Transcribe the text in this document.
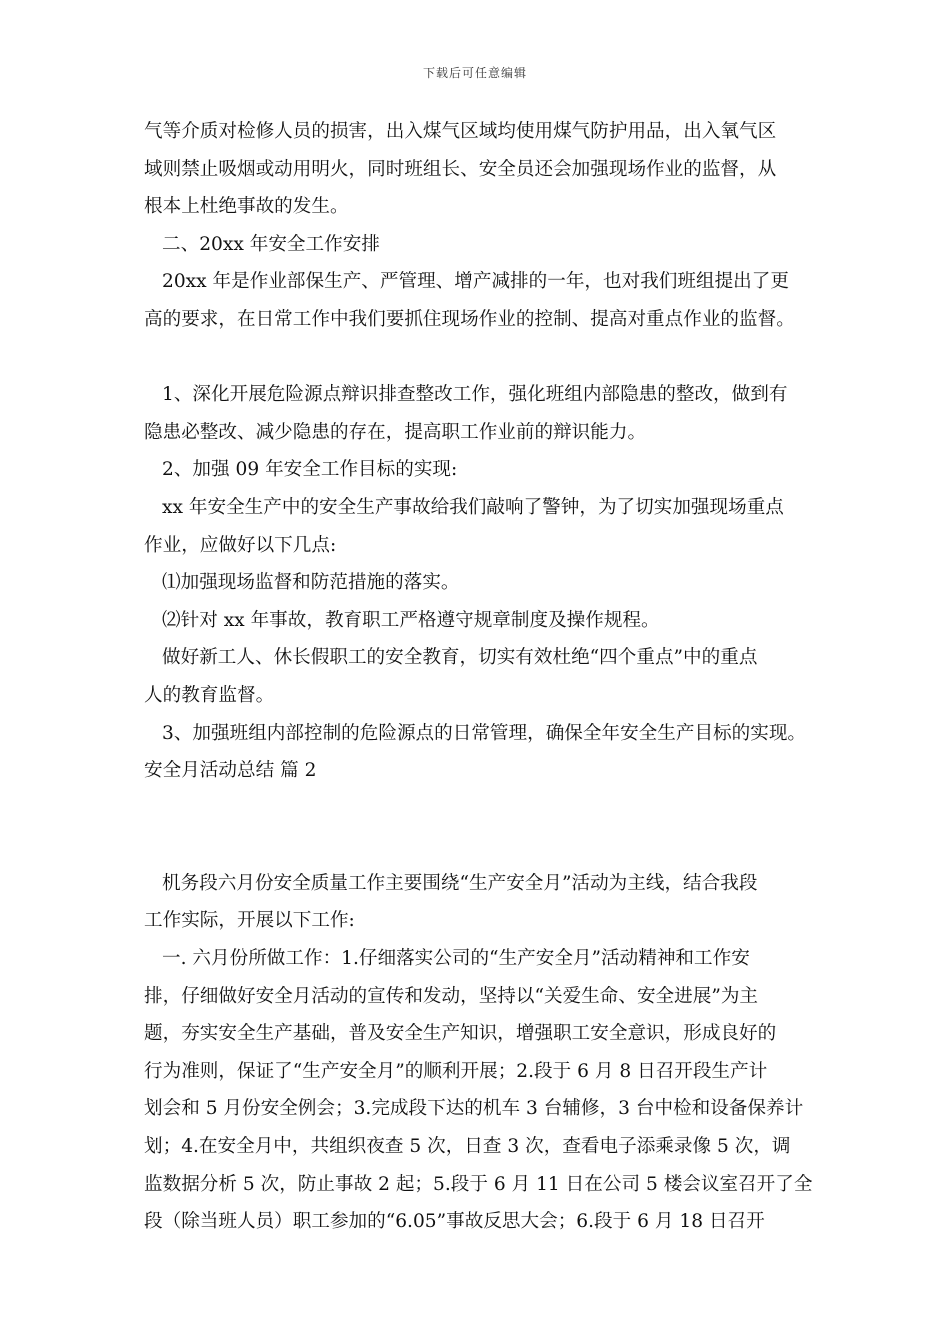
下载后可任意编辑
气等介质对检修人员的损害，出入煤气区域均使用煤气防护用品，出入氧气区
域则禁止吸烟或动用明火，同时班组长、安全员还会加强现场作业的监督，从
根本上杜绝事故的发生。
二、20xx 年安全工作安排
20xx 年是作业部保生产、严管理、增产减排的一年，也对我们班组提出了更
高的要求，在日常工作中我们要抓住现场作业的控制、提高对重点作业的监督。
1、深化开展危险源点辩识排查整改工作，强化班组内部隐患的整改，做到有
隐患必整改、减少隐患的存在，提高职工作业前的辩识能力。
2、加强 09 年安全工作目标的实现:
xx 年安全生产中的安全生产事故给我们敲响了警钟，为了切实加强现场重点
作业，应做好以下几点:
⑴加强现场监督和防范措施的落实。
⑵针对 xx 年事故，教育职工严格遵守规章制度及操作规程。
做好新工人、休长假职工的安全教育，切实有效杜绝“四个重点”中的重点
人的教育监督。
3、加强班组内部控制的危险源点的日常管理，确保全年安全生产目标的实现。
安全月活动总结 篇 2
机务段六月份安全质量工作主要围绕“生产安全月”活动为主线，结合我段
工作实际，开展以下工作:
一. 六月份所做工作：1.仔细落实公司的“生产安全月”活动精神和工作安
排，仔细做好安全月活动的宣传和发动，坚持以“关爱生命、安全进展”为主
题，夯实安全生产基础，普及安全生产知识，增强职工安全意识，形成良好的
行为准则，保证了“生产安全月”的顺利开展；2.段于 6 月 8 日召开段生产计
划会和 5 月份安全例会；3.完成段下达的机车 3 台辅修，3 台中检和设备保养计
划；4.在安全月中，共组织夜查 5 次，日查 3 次，查看电子添乘录像 5 次，调
监数据分析 5 次，防止事故 2 起；5.段于 6 月 11 日在公司 5 楼会议室召开了全
段（除当班人员）职工参加的“6.05”事故反思大会；6.段于 6 月 18 日召开
